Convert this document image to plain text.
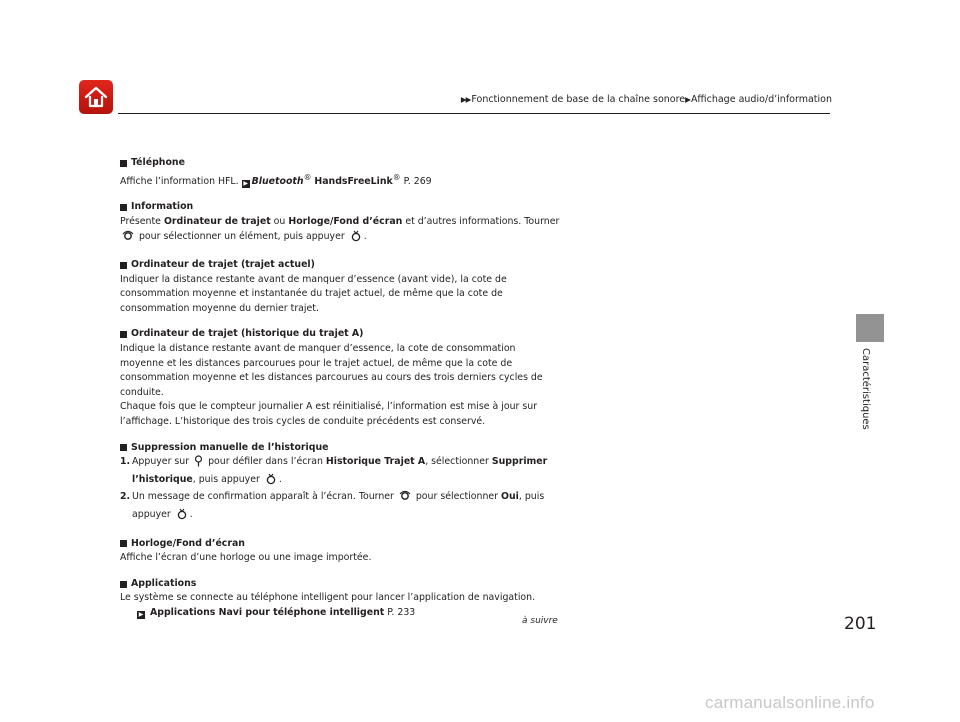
▶▶ Fonctionnement de base de la chaîne sonore ▶ Affichage audio/d’information
Téléphone

Affiche l’information HFL. ▶ Bluetooth® HandsFreeLink® P. 269

Information

Présente Ordinateur de trajet ou Horloge/Fond d’écran et d’autres informations. Tourner
pour sélectionner un élément, puis appuyer .

Ordinateur de trajet (trajet actuel)

Indiquer la distance restante avant de manquer d’essence (avant vide), la cote de consommation moyenne et instantanée du trajet actuel, de même que la cote de consommation moyenne du dernier trajet.

Ordinateur de trajet (historique du trajet A)

Indique la distance restante avant de manquer d’essence, la cote de consommation moyenne et les distances parcourues pour le trajet actuel, de même que la cote de consommation moyenne et les distances parcourues au cours des trois derniers cycles de conduite.

Chaque fois que le compteur journalier A est réinitialisé, l’information est mise à jour sur l’affichage. L’historique des trois cycles de conduite précédents est conservé.

Suppression manuelle de l’historique
1. Appuyer sur pour défiler dans l’écran Historique Trajet A, sélectionner Supprimer l’historique, puis appuyer .
2. Un message de confirmation apparaît à l’écran. Tourner pour sélectionner Oui, puis appuyer .
Horloge/Fond d’écran

Affiche l’écran d’une horloge ou une image importée.

Applications

Le système se connecte au téléphone intelligent pour lancer l’application de navigation.

▶ Applications Navi pour téléphone intelligent P. 233

Caractéristiques
à suivre	201
carmanualsonline.info
